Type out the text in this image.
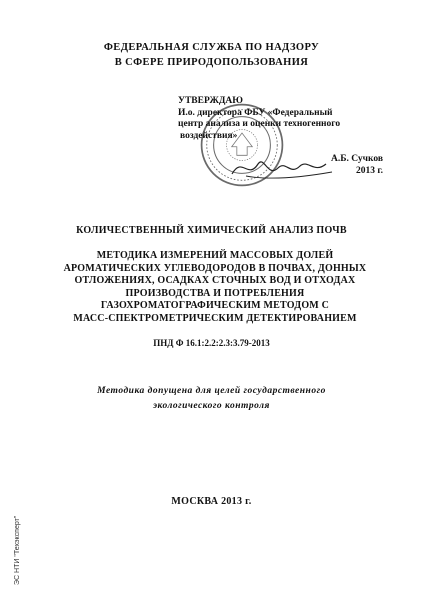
ФЕДЕРАЛЬНАЯ СЛУЖБА ПО НАДЗОРУ
В СФЕРЕ ПРИРОДОПОЛЬЗОВАНИЯ
УТВЕРЖДАЮ
И.о. директора ФБУ «Федеральный
центр анализа и оценки техногенного
воздействия»
А.Б. Сучков
2013 г.
КОЛИЧЕСТВЕННЫЙ ХИМИЧЕСКИЙ АНАЛИЗ ПОЧВ
МЕТОДИКА ИЗМЕРЕНИЙ МАССОВЫХ ДОЛЕЙ
АРОМАТИЧЕСКИХ УГЛЕВОДОРОДОВ В ПОЧВАХ, ДОННЫХ
ОТЛОЖЕНИЯХ, ОСАДКАХ СТОЧНЫХ ВОД И ОТХОДАХ
ПРОИЗВОДСТВА И ПОТРЕБЛЕНИЯ
ГАЗОХРОМАТОГРАФИЧЕСКИМ МЕТОДОМ С
МАСС-СПЕКТРОМЕТРИЧЕСКИМ ДЕТЕКТИРОВАНИЕМ
ПНД Ф 16.1:2.2:2.3:3.79-2013
Методика допущена для целей государственного
экологического контроля
МОСКВА 2013 г.
ЭС НТИ "Техэксперт"
